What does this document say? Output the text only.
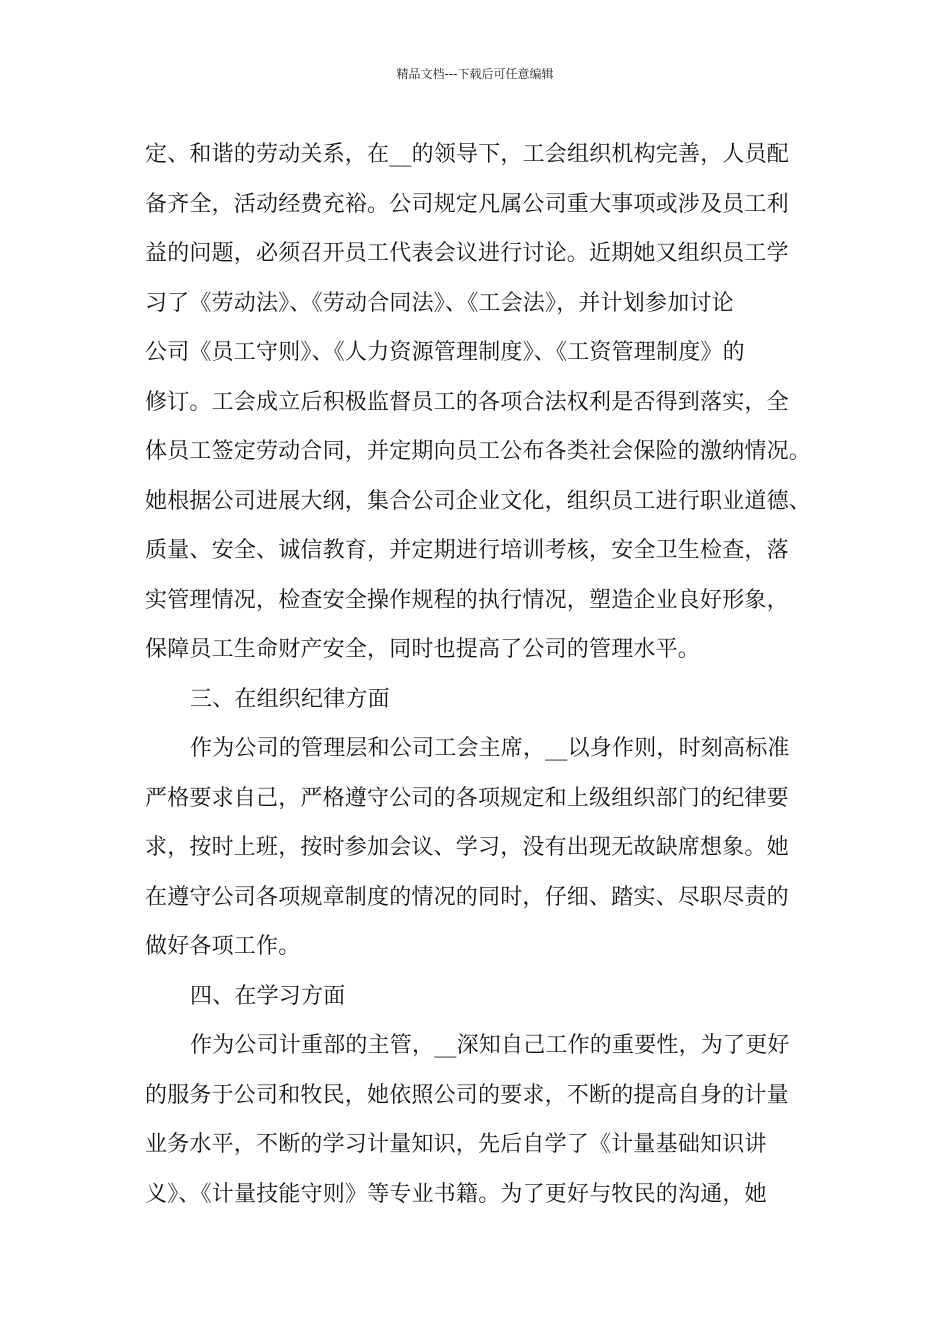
精品文档---下载后可任意编辑
定、和谐的劳动关系，在__的领导下，工会组织机构完善，人员配
备齐全，活动经费充裕。公司规定凡属公司重大事项或涉及员工利
益的问题，必须召开员工代表会议进行讨论。近期她又组织员工学
习了《劳动法》、《劳动合同法》、《工会法》，并计划参加讨论
公司《员工守则》、《人力资源管理制度》、《工资管理制度》的
修订。工会成立后积极监督员工的各项合法权利是否得到落实，全
体员工签定劳动合同，并定期向员工公布各类社会保险的激纳情况。
她根据公司进展大纲，集合公司企业文化，组织员工进行职业道德、
质量、安全、诚信教育，并定期进行培训考核，安全卫生检查，落
实管理情况，检查安全操作规程的执行情况，塑造企业良好形象，
保障员工生命财产安全，同时也提高了公司的管理水平。
三、在组织纪律方面
作为公司的管理层和公司工会主席，__以身作则，时刻高标准
严格要求自己，严格遵守公司的各项规定和上级组织部门的纪律要
求，按时上班，按时参加会议、学习，没有出现无故缺席想象。她
在遵守公司各项规章制度的情况的同时，仔细、踏实、尽职尽责的
做好各项工作。
四、在学习方面
作为公司计重部的主管，__深知自己工作的重要性，为了更好
的服务于公司和牧民，她依照公司的要求，不断的提高自身的计量
业务水平，不断的学习计量知识，先后自学了《计量基础知识讲
义》、《计量技能守则》等专业书籍。为了更好与牧民的沟通，她
